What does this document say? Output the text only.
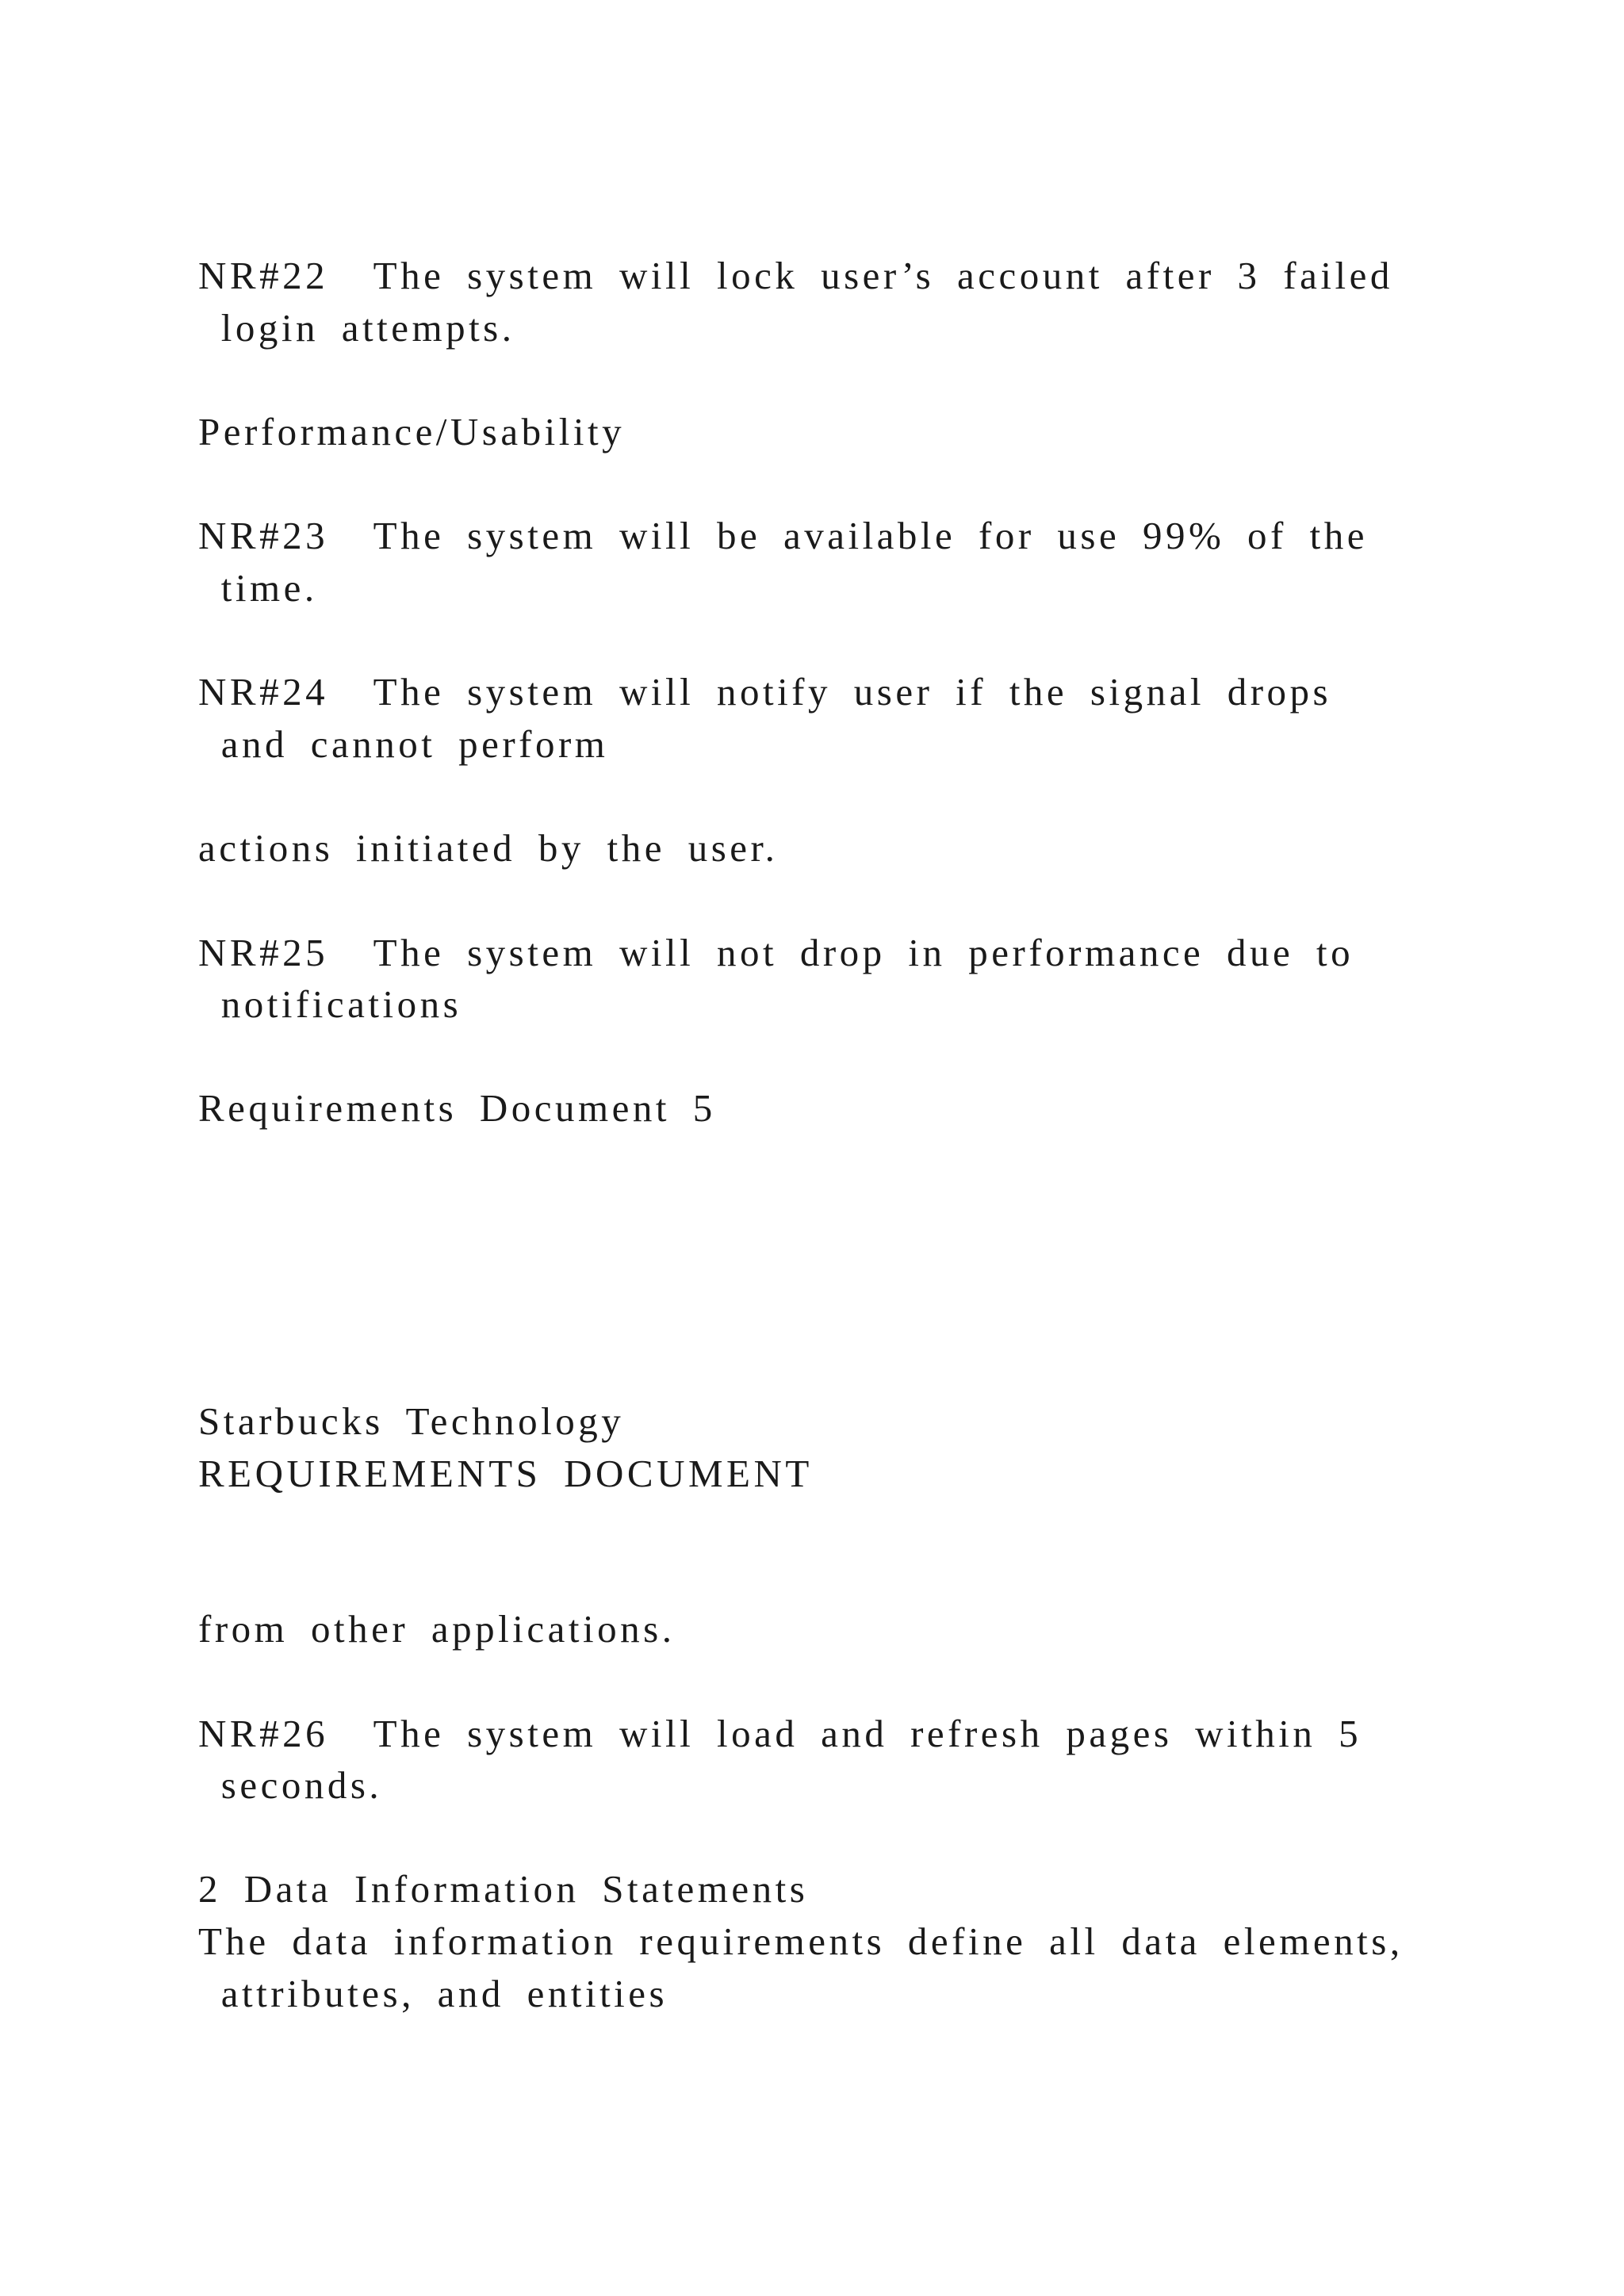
NR#22  The system will lock user’s account after 3 failed

login attempts.

Performance/Usability

NR#23  The system will be available for use 99% of the

time.

NR#24  The system will notify user if the signal drops

and cannot perform

actions initiated by the user.

NR#25  The system will not drop in performance due to

notifications

Requirements Document 5

Starbucks Technology

REQUIREMENTS DOCUMENT

from other applications.

NR#26  The system will load and refresh pages within 5

seconds.

2 Data Information Statements

The data information requirements define all data elements,

attributes, and entities
